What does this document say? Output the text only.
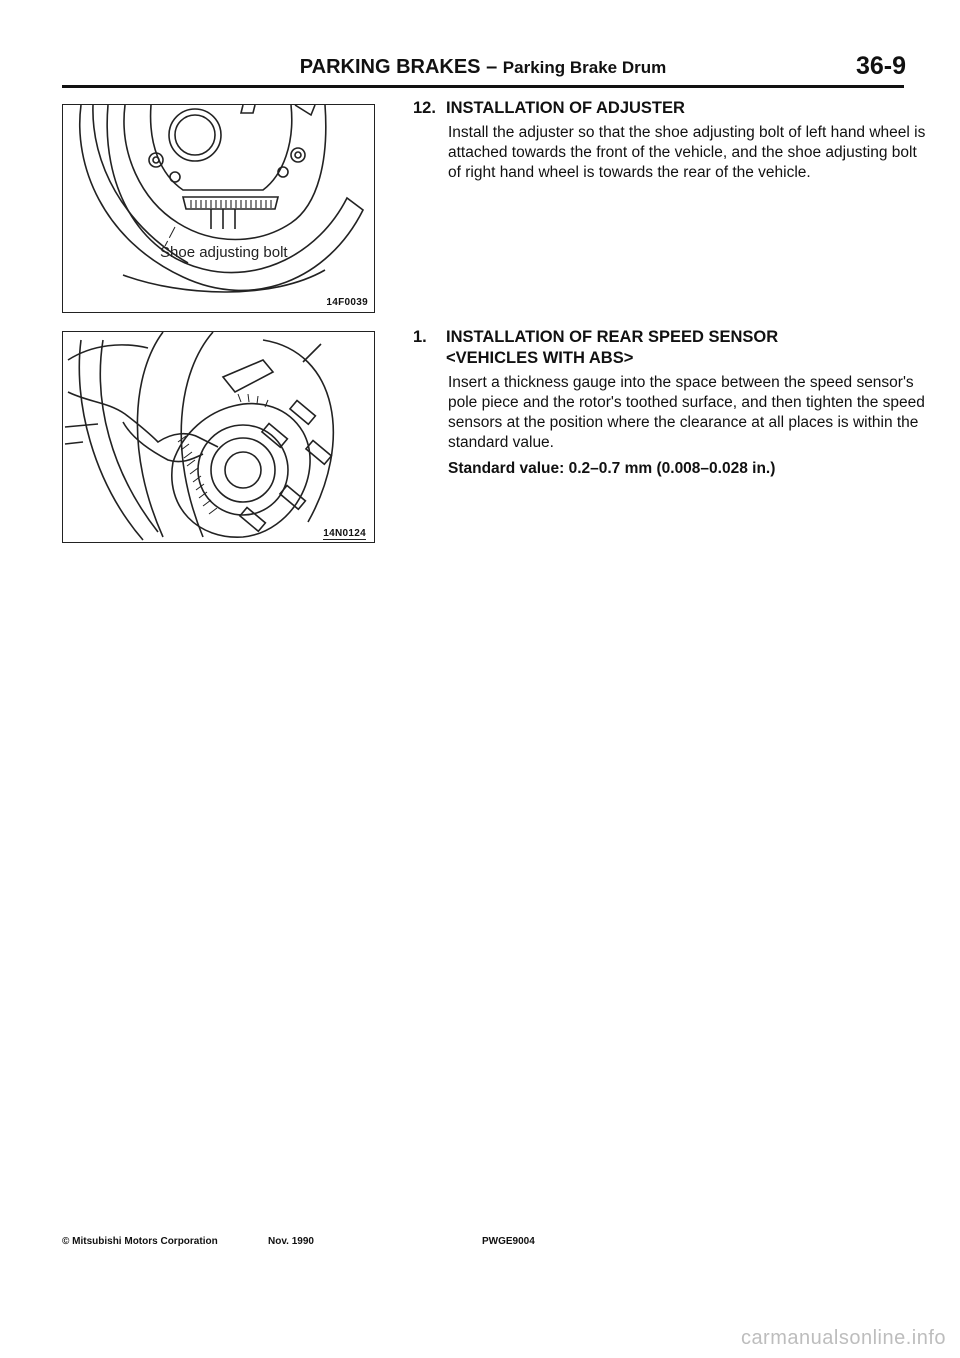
PARKING BRAKES – Parking Brake Drum	36-9
Shoe adjusting bolt
14F0039
14N0124
12. INSTALLATION OF ADJUSTER
Install the adjuster so that the shoe adjusting bolt of left hand wheel is attached towards the front of the vehicle, and the shoe adjusting bolt of right hand wheel is towards the rear of the vehicle.
1. INSTALLATION OF REAR SPEED SENSOR
<VEHICLES WITH ABS>
Insert a thickness gauge into the space between the speed sensor's pole piece and the rotor's toothed surface, and then tighten the speed sensors at the position where the clearance at all places is within the standard value.
Standard value: 0.2–0.7 mm (0.008–0.028 in.)
© Mitsubishi Motors Corporation	Nov. 1990	PWGE9004
carmanualsonline.info
